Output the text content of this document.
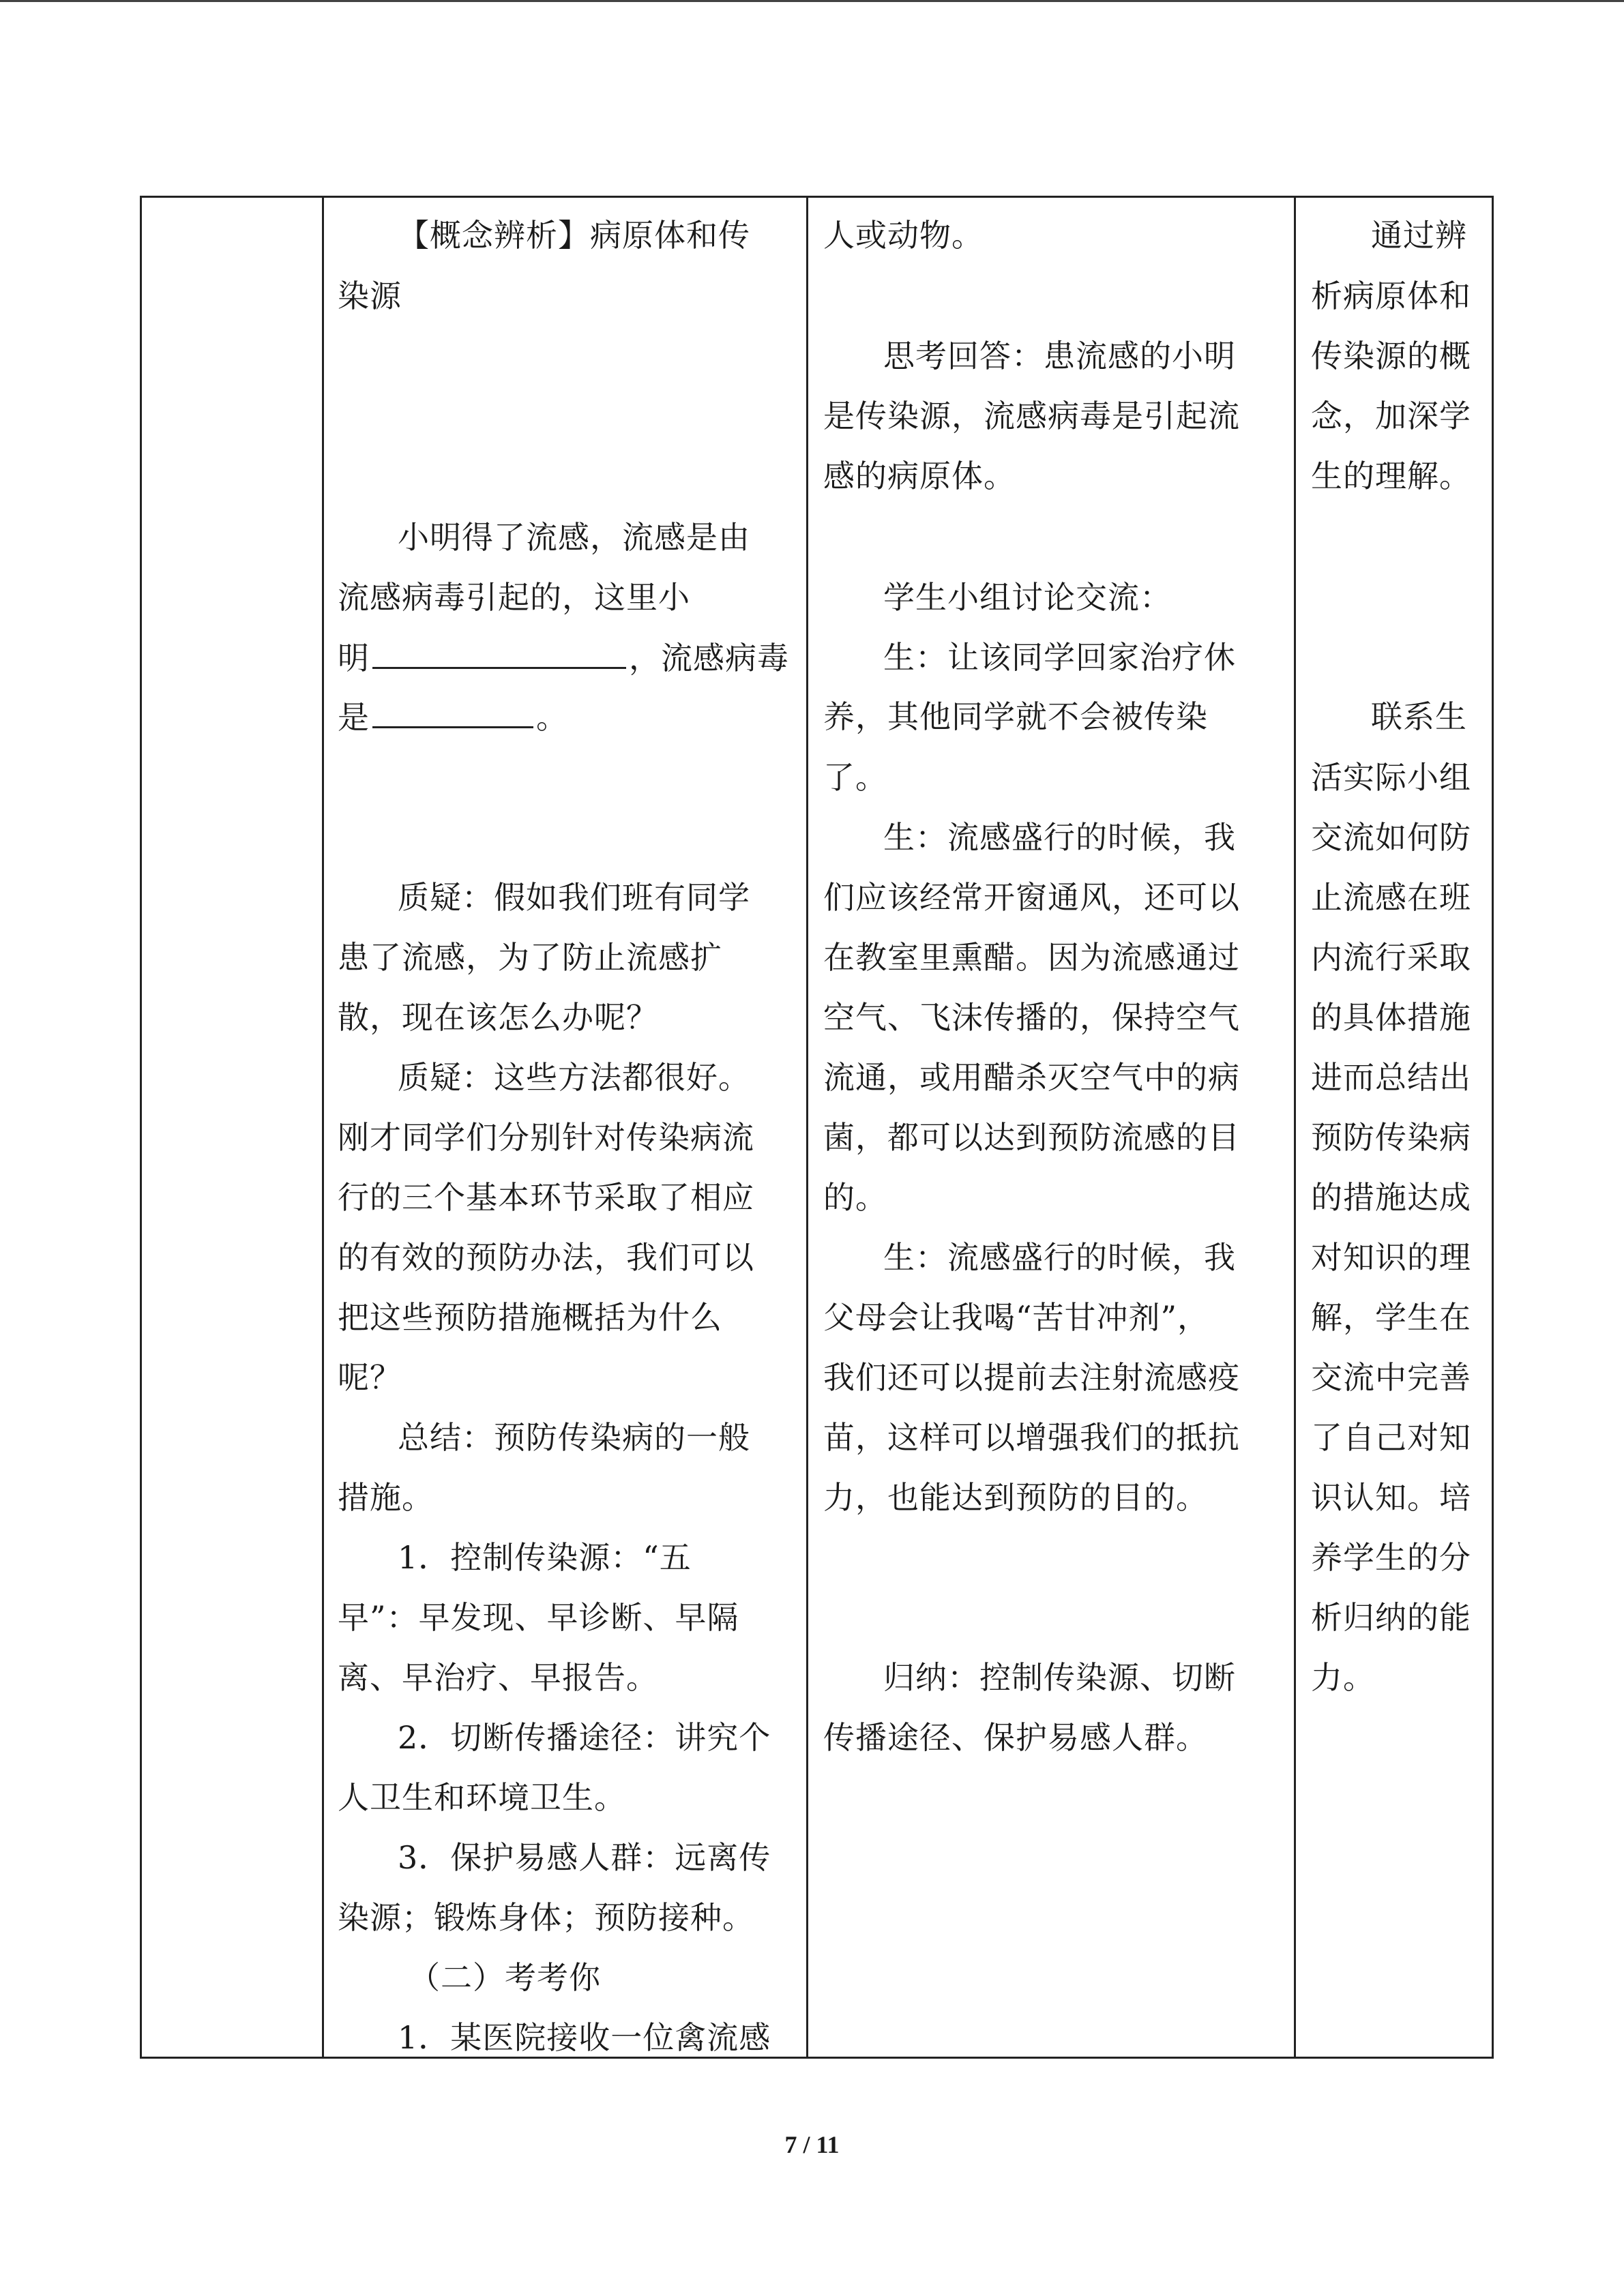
【概念辨析】病原体和传
染源
小明得了流感，流感是由
流感病毒引起的，这里小
明	，流感病毒
是	。
质疑：假如我们班有同学
患了流感，为了防止流感扩
散，现在该怎么办呢？
质疑：这些方法都很好。
刚才同学们分别针对传染病流
行的三个基本环节采取了相应
的有效的预防办法，我们可以
把这些预防措施概括为什么
呢？
总结：预防传染病的一般
措施。
1．控制传染源：“五
早”：早发现、早诊断、早隔
离、早治疗、早报告。
2．切断传播途径：讲究个
人卫生和环境卫生。
3．保护易感人群：远离传
染源；锻炼身体；预防接种。
（二）考考你
1．某医院接收一位禽流感

人或动物。
思考回答：患流感的小明
是传染源，流感病毒是引起流
感的病原体。
学生小组讨论交流：
生：让该同学回家治疗休
养，其他同学就不会被传染
了。
生：流感盛行的时候，我
们应该经常开窗通风，还可以
在教室里熏醋。因为流感通过
空气、飞沫传播的，保持空气
流通，或用醋杀灭空气中的病
菌，都可以达到预防流感的目
的。
生：流感盛行的时候，我
父母会让我喝“苦甘冲剂”，
我们还可以提前去注射流感疫
苗，这样可以增强我们的抵抗
力，也能达到预防的目的。
归纳：控制传染源、切断
传播途径、保护易感人群。

通过辨
析病原体和
传染源的概
念，加深学
生的理解。
联系生
活实际小组
交流如何防
止流感在班
内流行采取
的具体措施
进而总结出
预防传染病
的措施达成
对知识的理
解，学生在
交流中完善
了自己对知
识认知。培
养学生的分
析归纳的能
力。
7 / 11
